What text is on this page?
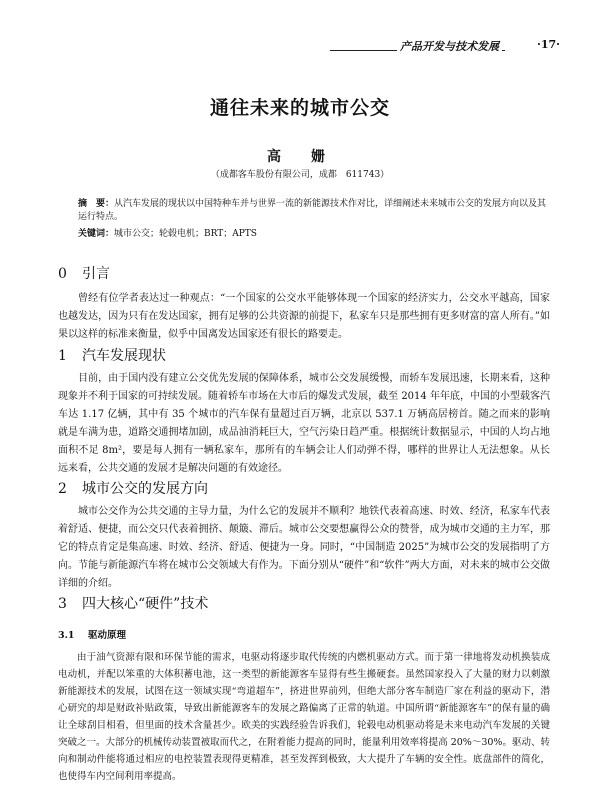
产品开发与技术发展	·17·
通往未来的城市公交
高　姗
（成都客车股份有限公司，成都　611743）
摘　要：从汽车发展的现状以中国特种车并与世界一流的新能源技术作对比，详细阐述未来城市公交的发展方向以及其运行特点。
关键词：城市公交；轮毂电机；BRT；APTS
0 引言

曾经有位学者表达过一种观点：“一个国家的公交水平能够体现一个国家的经济实力，公交水平越高，国家也越发达，因为只有在发达国家，拥有足够的公共资源的前提下，私家车只是那些拥有更多财富的富人所有。”如果以这样的标准来衡量，似乎中国离发达国家还有很长的路要走。

1 汽车发展现状

目前，由于国内没有建立公交优先发展的保障体系，城市公交发展缓慢，而轿车发展迅速，长期来看，这种现象并不利于国家的可持续发展。随着轿车市场在大市后的爆发式发展，截至 2014 年年底，中国的小型载客汽车达 1.17 亿辆，其中有 35 个城市的汽车保有量超过百万辆，北京以 537.1 万辆高居榜首。随之而来的影响就是车满为患，道路交通拥堵加剧，成品油消耗巨大，空气污染日趋严重。根据统计数据显示，中国的人均占地面积不足 8m²，要是每人拥有一辆私家车，那所有的车辆会让人们动弹不得，哪样的世界让人无法想象。从长远来看，公共交通的发展才是解决问题的有效途径。

2 城市公交的发展方向

城市公交作为公共交通的主导力量，为什么它的发展并不顺利？地铁代表着高速、时效、经济，私家车代表着舒适、便捷，而公交只代表着拥挤、颠簸、滞后。城市公交要想赢得公众的赞誉，成为城市交通的主力军，那它的特点肯定是集高速、时效、经济、舒适、便捷为一身。同时，“中国制造 2025”为城市公交的发展指明了方向。节能与新能源汽车将在城市公交领域大有作为。下面分别从“硬件”和“软件”两大方面，对未来的城市公交做详细的介绍。

3 四大核心“硬件”技术
3.1 驱动原理

由于油气资源有限和环保节能的需求，电驱动将逐步取代传统的内燃机驱动方式。而于第一律地将发动机换装成电动机，并配以笨重的大体积蓄电池，这一类型的新能源客车显得有些生搬硬套。虽然国家投入了大量的财力以刺激新能源技术的发展，试图在这一领域实现“弯道超车”，挤进世界前列，但绝大部分客车制造厂家在利益的驱动下，潜心研究的却是财政补贴政策，导致出新能源客车的发展之路偏离了正常的轨道。中国所谓“新能源客车”的保有量的确让全球刮目相看，但里面的技术含量甚少。欧美的实践经验告诉我们，轮毂电动机驱动将是未来电动汽车发展的关键突破之一。大部分的机械传动装置被取而代之，在附着能力提高的同时，能量利用效率将提高 20%～30%。驱动、转向和制动件能将通过相应的电控装置表现得更精准，甚至发挥到极致，大大提升了车辆的安全性。底盘部件的简化，也使得车内空间利用率提高。
